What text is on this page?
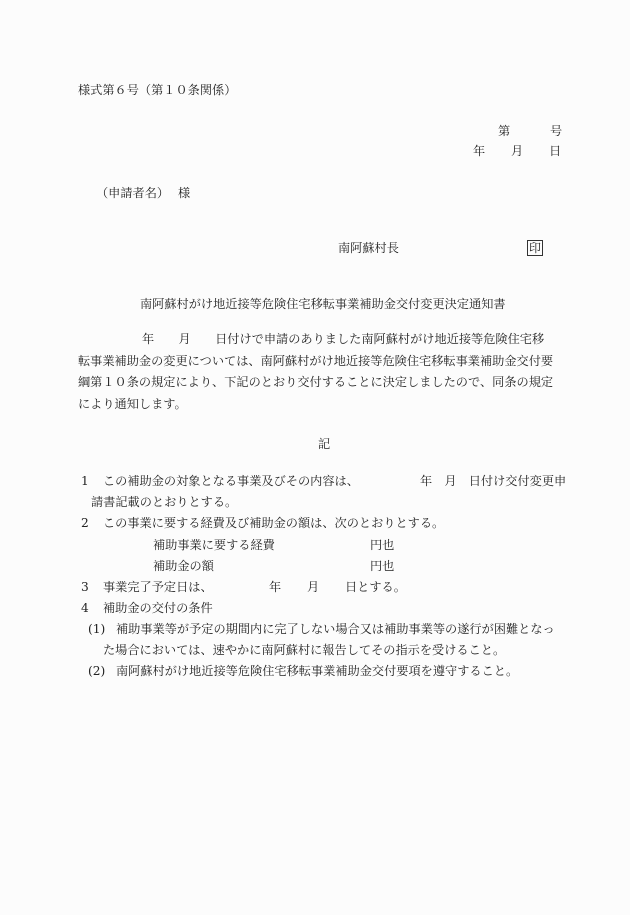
様式第６号（第１０条関係）
第	号
年 月 日
（申請者名） 様
南阿蘇村長	印
南阿蘇村がけ地近接等危険住宅移転事業補助金交付変更決定通知書
年　　月　　日付けで申請のありました南阿蘇村がけ地近接等危険住宅移
転事業補助金の変更については、南阿蘇村がけ地近接等危険住宅移転事業補助金交付要
綱第１０条の規定により、下記のとおり交付することに決定しましたので、同条の規定
により通知します。
記
1 この補助金の対象となる事業及びその内容は、	年　月　日付け交付変更申
請書記載のとおりとする。
2 この事業に要する経費及び補助金の額は、次のとおりとする。
補助事業に要する経費	円也
補助金の額	円也
3 事業完了予定日は、	年 月 日とする。
4 補助金の交付の条件
(1) 補助事業等が予定の期間内に完了しない場合又は補助事業等の遂行が困難となっ
た場合においては、速やかに南阿蘇村に報告してその指示を受けること。
(2) 南阿蘇村がけ地近接等危険住宅移転事業補助金交付要項を遵守すること。
